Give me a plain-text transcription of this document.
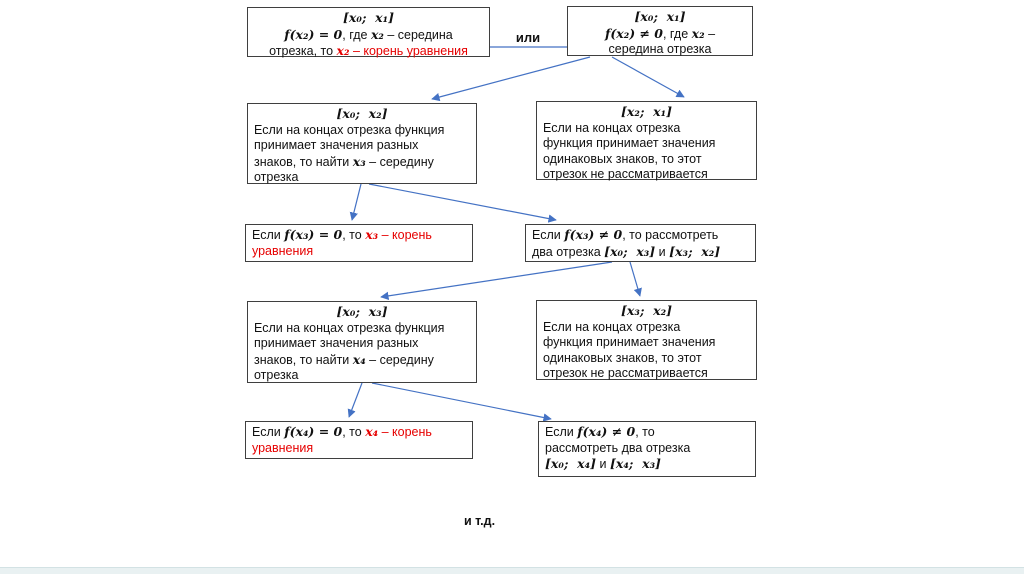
[x₀;  x₁]
f(x₂) = 0, где x₂ – середина
отрезка, то x₂ – корень уравнения
или
[x₀;  x₁]
f(x₂) ≠ 0, где x₂ –
середина отрезка
[x₀;  x₂]
Если на концах отрезка функция
принимает значения разных
знаков, то найти x₃ – середину
отрезка
[x₂;  x₁]
Если на концах отрезка
функция принимает значения
одинаковых знаков, то этот
отрезок не рассматривается
Если f(x₃) = 0, то x₃ – корень
уравнения
Если f(x₃) ≠ 0, то рассмотреть
два отрезка [x₀;  x₃] и [x₃;  x₂]
[x₀;  x₃]
Если на концах отрезка функция
принимает значения разных
знаков, то найти x₄ – середину
отрезка
[x₃;  x₂]
Если на концах отрезка
функция принимает значения
одинаковых знаков, то этот
отрезок не рассматривается
Если f(x₄) = 0, то x₄ – корень
уравнения
Если f(x₄) ≠ 0, то
рассмотреть два отрезка
[x₀;  x₄] и [x₄;  x₃]
и т.д.
